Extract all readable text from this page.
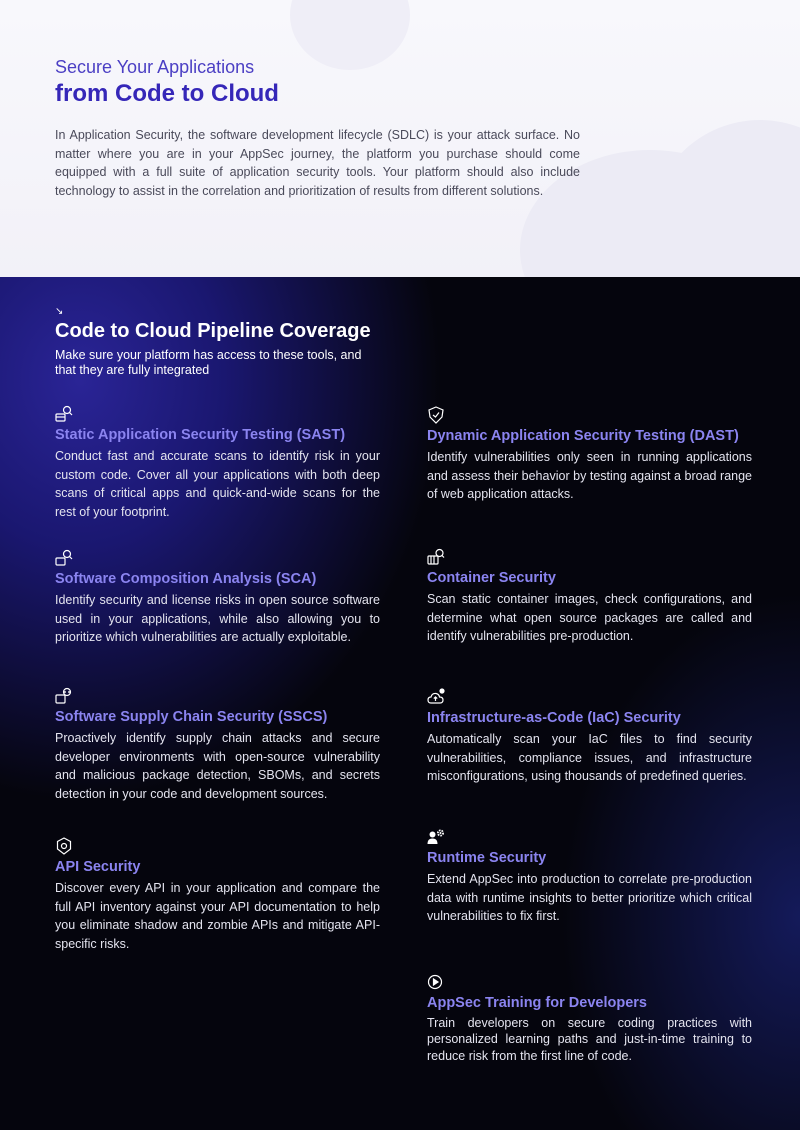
Secure Your Applications
from Code to Cloud

In Application Security, the software development lifecycle (SDLC) is your attack surface. No matter where you are in your AppSec journey, the platform you purchase should come equipped with a full suite of application security tools. Your platform should also include technology to assist in the correlation and prioritization of results from different solutions.

↘
Code to Cloud Pipeline Coverage

Make sure your platform has access to these tools, and that they are fully integrated

Static Application Security Testing (SAST)

Conduct fast and accurate scans to identify risk in your custom code. Cover all your applications with both deep scans of critical apps and quick-and-wide scans for the rest of your footprint.

Software Composition Analysis (SCA)

Identify security and license risks in open source software used in your applications, while also allowing you to prioritize which vulnerabilities are actually exploitable.

Software Supply Chain Security (SSCS)

Proactively identify supply chain attacks and secure developer environments with open-source vulnerability and malicious package detection, SBOMs, and secrets detection in your code and development sources.

API Security

Discover every API in your application and compare the full API inventory against your API documentation to help you eliminate shadow and zombie APIs and mitigate API-specific risks.

Dynamic Application Security Testing (DAST)

Identify vulnerabilities only seen in running applications and assess their behavior by testing against a broad range of web application attacks.

Container Security

Scan static container images, check configurations, and determine what open source packages are called and identify vulnerabilities pre-production.

Infrastructure-as-Code (IaC) Security

Automatically scan your IaC files to find security vulnerabilities, compliance issues, and infrastructure misconfigurations, using thousands of predefined queries.

Runtime Security

Extend AppSec into production to correlate pre-production data with runtime insights to better prioritize which critical vulnerabilities to fix first.

AppSec Training for Developers

Train developers on secure coding practices with personalized learning paths and just-in-time training to reduce risk from the first line of code.
